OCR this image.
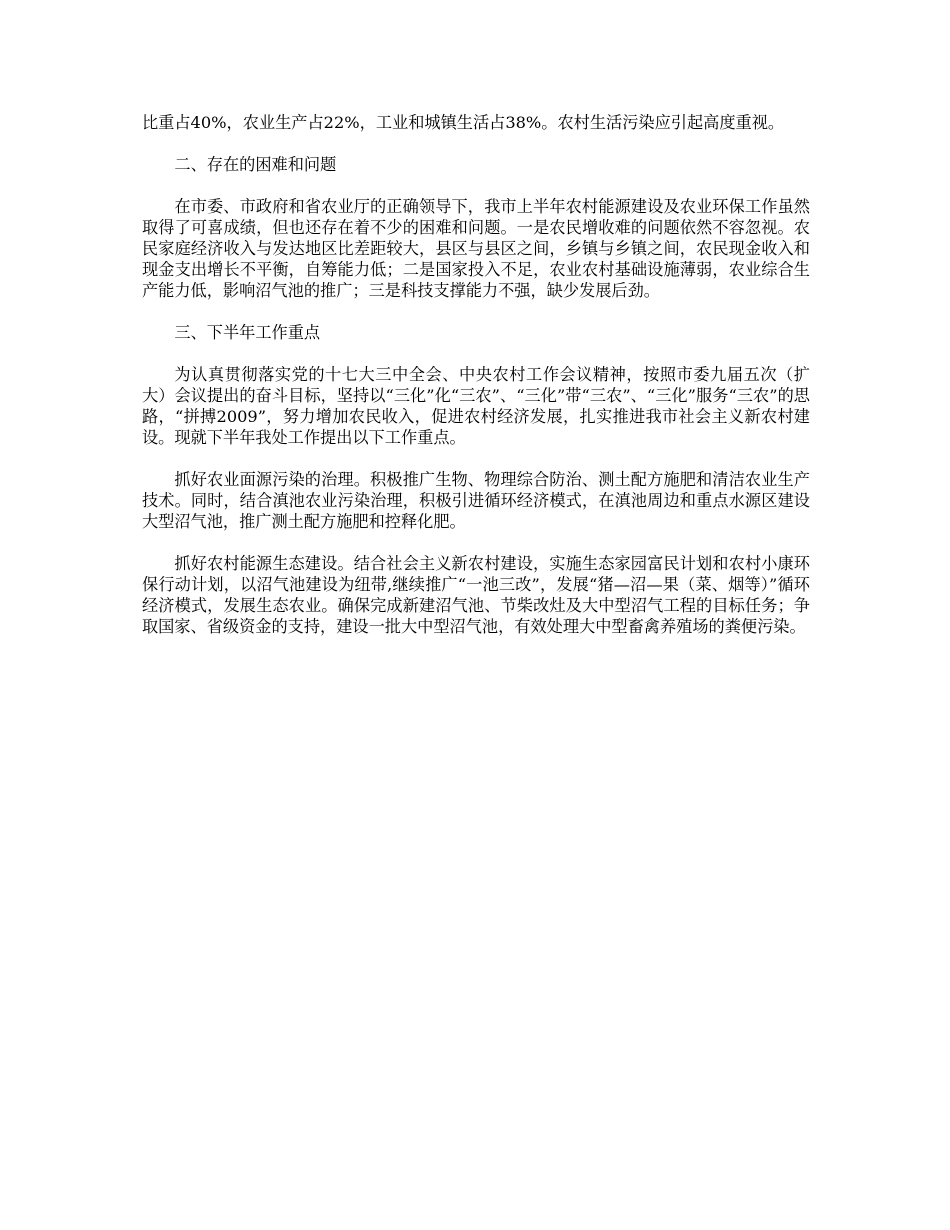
比重占40%，农业生产占22%，工业和城镇生活占38%。农村生活污染应引起高度重视。

二、存在的困难和问题

在市委、市政府和省农业厅的正确领导下，我市上半年农村能源建设及农业环保工作虽然取得了可喜成绩，但也还存在着不少的困难和问题。一是农民增收难的问题依然不容忽视。农民家庭经济收入与发达地区比差距较大，县区与县区之间，乡镇与乡镇之间，农民现金收入和现金支出增长不平衡，自筹能力低；二是国家投入不足，农业农村基础设施薄弱，农业综合生产能力低，影响沼气池的推广；三是科技支撑能力不强，缺少发展后劲。

三、下半年工作重点

为认真贯彻落实党的十七大三中全会、中央农村工作会议精神，按照市委九届五次（扩大）会议提出的奋斗目标，坚持以“三化”化“三农”、“三化”带“三农”、“三化”服务“三农”的思路，“拼搏2009”，努力增加农民收入，促进农村经济发展，扎实推进我市社会主义新农村建设。现就下半年我处工作提出以下工作重点。

抓好农业面源污染的治理。积极推广生物、物理综合防治、测土配方施肥和清洁农业生产技术。同时，结合滇池农业污染治理，积极引进循环经济模式，在滇池周边和重点水源区建设大型沼气池，推广测土配方施肥和控释化肥。

抓好农村能源生态建设。结合社会主义新农村建设，实施生态家园富民计划和农村小康环保行动计划，以沼气池建设为纽带,继续推广“一池三改”，发展“猪—沼—果（菜、烟等）”循环经济模式，发展生态农业。确保完成新建沼气池、节柴改灶及大中型沼气工程的目标任务；争取国家、省级资金的支持，建设一批大中型沼气池，有效处理大中型畜禽养殖场的粪便污染。
